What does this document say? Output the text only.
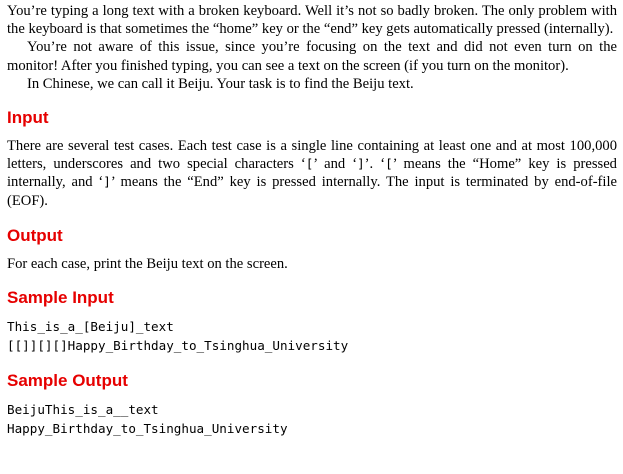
You’re typing a long text with a broken keyboard. Well it’s not so badly broken. The only problem with the keyboard is that sometimes the “home” key or the “end” key gets automatically pressed (internally).

You’re not aware of this issue, since you’re focusing on the text and did not even turn on the monitor! After you finished typing, you can see a text on the screen (if you turn on the monitor).

In Chinese, we can call it Beiju. Your task is to find the Beiju text.

Input

There are several test cases. Each test case is a single line containing at least one and at most 100,000 letters, underscores and two special characters ‘[’ and ‘]’. ‘[’ means the “Home” key is pressed internally, and ‘]’ means the “End” key is pressed internally. The input is terminated by end-of-file (EOF).

Output

For each case, print the Beiju text on the screen.

Sample Input
This_is_a_[Beiju]_text
[[]][][]Happy_Birthday_to_Tsinghua_University
Sample Output
BeijuThis_is_a__text
Happy_Birthday_to_Tsinghua_University
